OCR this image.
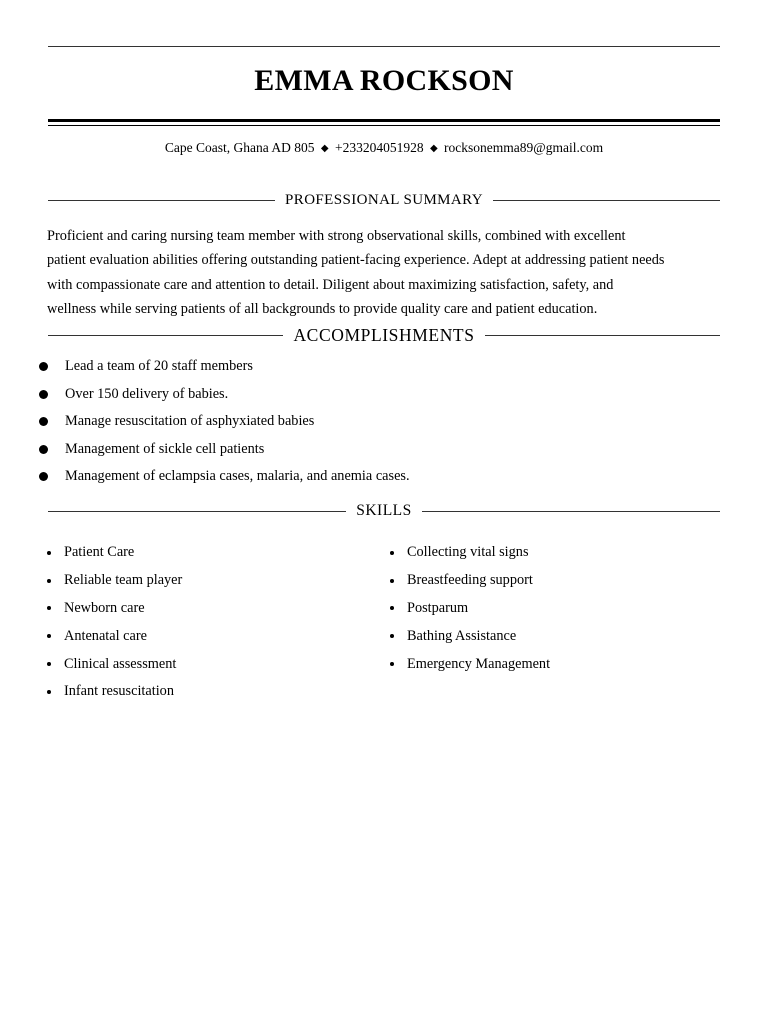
EMMA ROCKSON
Cape Coast, Ghana AD 805 ◆ +233204051928 ◆ rocksonemma89@gmail.com
PROFESSIONAL SUMMARY

Proficient and caring nursing team member with strong observational skills, combined with excellent
patient evaluation abilities offering outstanding patient-facing experience. Adept at addressing patient needs
with compassionate care and attention to detail. Diligent about maximizing satisfaction, safety, and
wellness while serving patients of all backgrounds to provide quality care and patient education.

ACCOMPLISHMENTS
Lead a team of 20 staff members
Over 150 delivery of babies.
Manage resuscitation of asphyxiated babies
Management of sickle cell patients
Management of eclampsia cases, malaria, and anemia cases.
SKILLS
Patient Care
Reliable team player
Newborn care
Antenatal care
Clinical assessment
Infant resuscitation
Collecting vital signs
Breastfeeding support
Postparum
Bathing Assistance
Emergency Management
